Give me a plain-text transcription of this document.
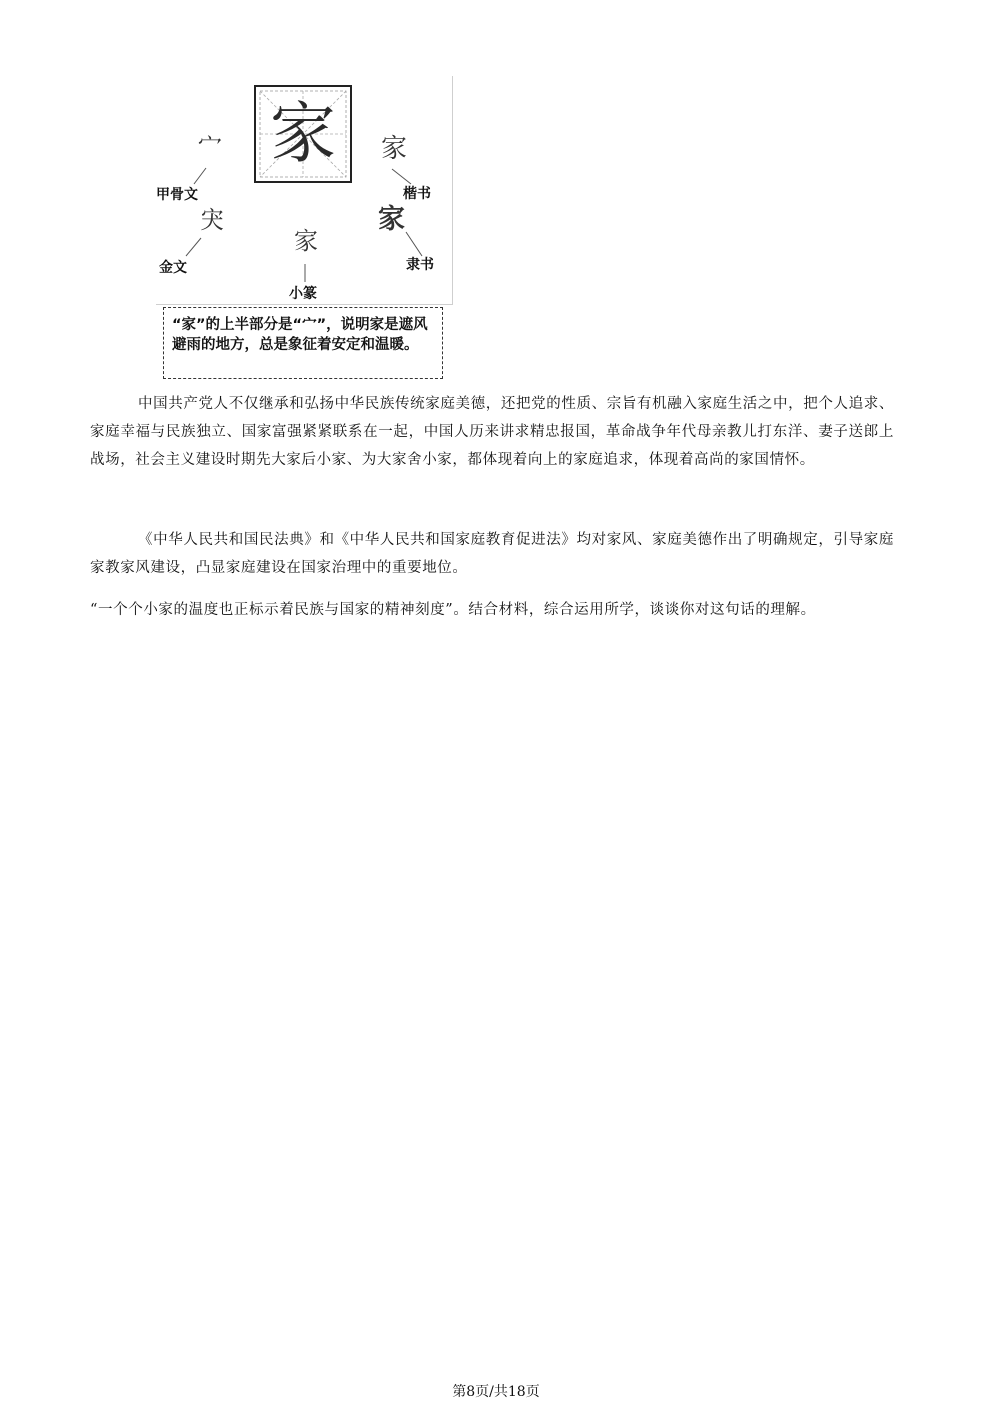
家
宀
甲骨文
宊
金文
家
小篆
家
楷书
家
隶书
“家”的上半部分是“宀”，说明家是遮风避雨的地方，总是象征着安定和温暖。

中国共产党人不仅继承和弘扬中华民族传统家庭美德，还把党的性质、宗旨有机融入家庭生活之中，把个人追求、家庭幸福与民族独立、国家富强紧紧联系在一起，中国人历来讲求精忠报国，革命战争年代母亲教儿打东洋、妻子送郎上战场，社会主义建设时期先大家后小家、为大家舍小家，都体现着向上的家庭追求，体现着高尚的家国情怀。

《中华人民共和国民法典》和《中华人民共和国家庭教育促进法》均对家风、家庭美德作出了明确规定，引导家庭家教家风建设，凸显家庭建设在国家治理中的重要地位。

“一个个小家的温度也正标示着民族与国家的精神刻度”。结合材料，综合运用所学，谈谈你对这句话的理解。

第8页/共18页
